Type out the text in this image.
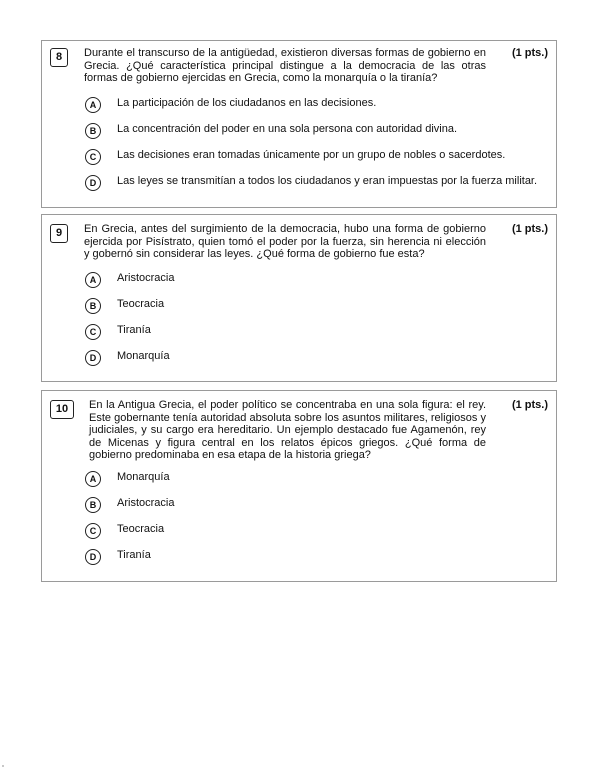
8	Durante el transcurso de la antigüedad, existieron diversas formas de gobierno en Grecia. ¿Qué característica principal distingue a la democracia de las otras formas de gobierno ejercidas en Grecia, como la monarquía o la tiranía?
(1 pts.)
A	La participación de los ciudadanos en las decisiones.
B	La concentración del poder en una sola persona con autoridad divina.
C	Las decisiones eran tomadas únicamente por un grupo de nobles o sacerdotes.
D	Las leyes se transmitían a todos los ciudadanos y eran impuestas por la fuerza militar.
9	En Grecia, antes del surgimiento de la democracia, hubo una forma de gobierno ejercida por Pisístrato, quien tomó el poder por la fuerza, sin herencia ni elección y gobernó sin considerar las leyes. ¿Qué forma de gobierno fue esta?
(1 pts.)
A	Aristocracia
B	Teocracia
C	Tiranía
D	Monarquía
10	En la Antigua Grecia, el poder político se concentraba en una sola figura: el rey. Este gobernante tenía autoridad absoluta sobre los asuntos militares, religiosos y judiciales, y su cargo era hereditario. Un ejemplo destacado fue Agamenón, rey de Micenas y figura central en los relatos épicos griegos. ¿Qué forma de gobierno predominaba en esa etapa de la historia griega?
(1 pts.)
A	Monarquía
B	Aristocracia
C	Teocracia
D	Tiranía
